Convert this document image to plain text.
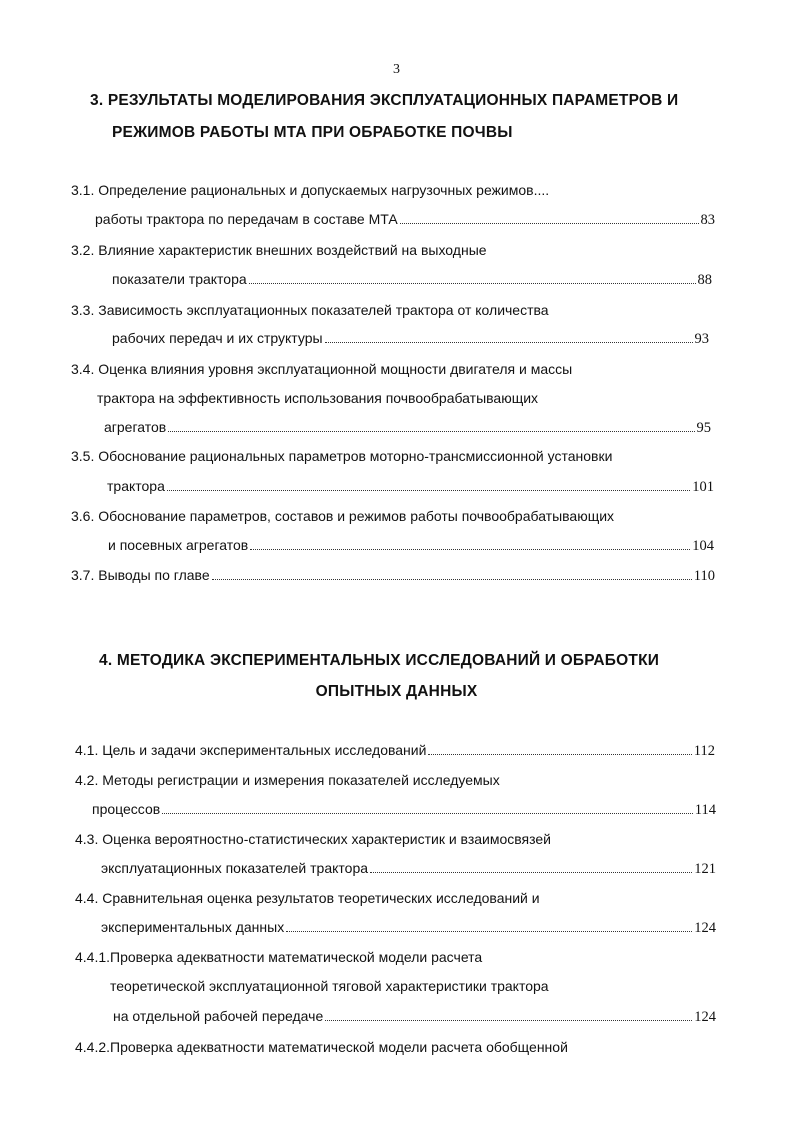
3
3. РЕЗУЛЬТАТЫ МОДЕЛИРОВАНИЯ ЭКСПЛУАТАЦИОННЫХ ПАРАМЕТРОВ И
РЕЖИМОВ РАБОТЫ МТА ПРИ ОБРАБОТКЕ ПОЧВЫ
3.1. Определение рациональных и допускаемых нагрузочных режимов....
работы трактора по передачам в составе МТА	83
3.2. Влияние характеристик внешних воздействий на выходные
показатели трактора	88
3.3. Зависимость эксплуатационных показателей трактора от количества
рабочих передач и их структуры	93
3.4. Оценка влияния уровня эксплуатационной мощности двигателя и массы
трактора на эффективность использования почвообрабатывающих
агрегатов	95
3.5. Обоснование рациональных параметров моторно-трансмиссионной установки
трактора	101
3.6. Обоснование параметров, составов и режимов работы почвообрабатывающих
и посевных агрегатов	104
3.7. Выводы по главе	110
4. МЕТОДИКА ЭКСПЕРИМЕНТАЛЬНЫХ ИССЛЕДОВАНИЙ И ОБРАБОТКИ
ОПЫТНЫХ ДАННЫХ
4.1. Цель и задачи экспериментальных исследований	112
4.2. Методы регистрации и измерения показателей исследуемых
процессов	114
4.3. Оценка вероятностно-статистических характеристик и взаимосвязей
эксплуатационных показателей трактора	121
4.4. Сравнительная оценка результатов теоретических исследований и
экспериментальных данных	124
4.4.1.Проверка адекватности математической модели расчета
теоретической эксплуатационной тяговой характеристики трактора
на отдельной рабочей передаче	124
4.4.2.Проверка адекватности математической модели расчета обобщенной
